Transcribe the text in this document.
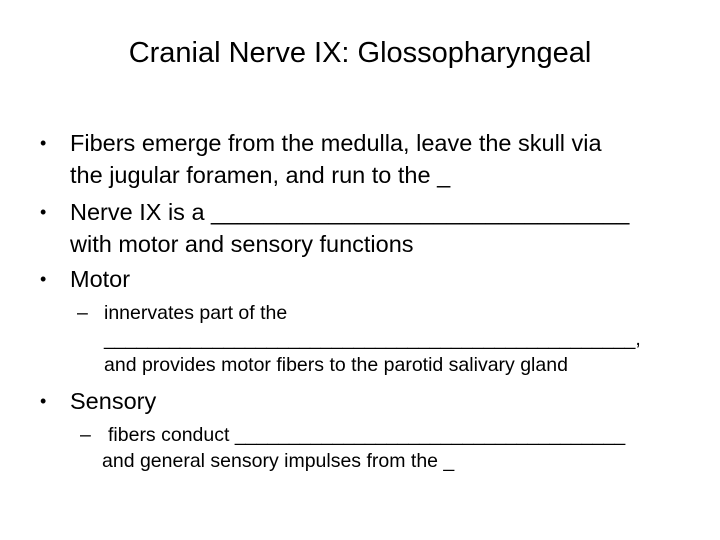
Cranial Nerve IX: Glossopharyngeal
• Fibers emerge from the medulla, leave the skull via
the jugular foramen, and run to the _
• Nerve IX is a ________________________________
with motor and sensory functions
• Motor
– innervates part of the
_________________________________________________,
and provides motor fibers to the parotid salivary gland
• Sensory
– fibers conduct ____________________________________
and general sensory impulses from the _
